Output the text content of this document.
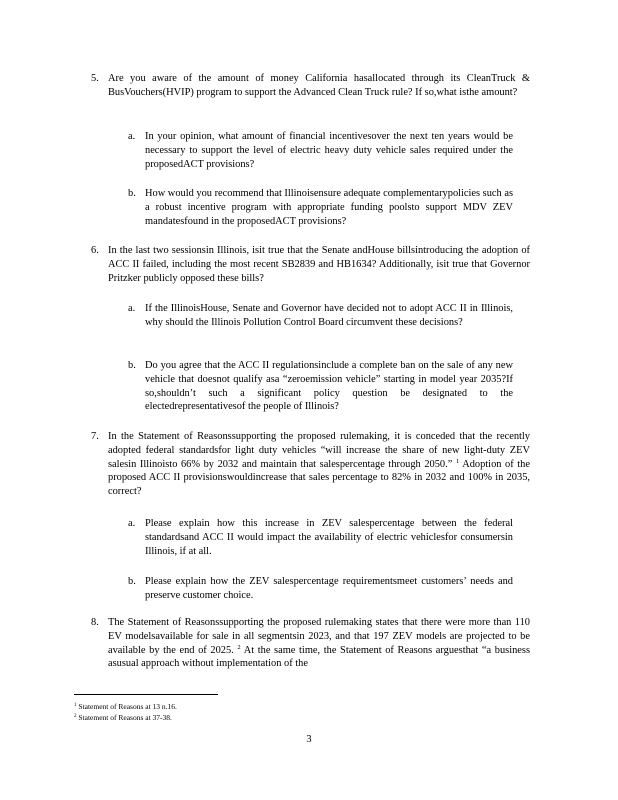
5. Are you aware of the amount of money California hasallocated through its CleanTruck & BusVouchers(HVIP) program to support the Advanced Clean Truck rule? If so,what isthe amount?
a. In your opinion, what amount of financial incentivesover the next ten years would be necessary to support the level of electric heavy duty vehicle sales required under the proposedACT provisions?
b. How would you recommend that Illinoisensure adequate complementarypolicies such as a robust incentive program with appropriate funding poolsto support MDV ZEV mandatesfound in the proposedACT provisions?
6. In the last two sessionsin Illinois, isit true that the Senate andHouse billsintroducing the adoption of ACC II failed, including the most recent SB2839 and HB1634? Additionally, isit true that Governor Pritzker publicly opposed these bills?
a. If the IllinoisHouse, Senate and Governor have decided not to adopt ACC II in Illinois, why should the Illinois Pollution Control Board circumvent these decisions?
b. Do you agree that the ACC II regulationsinclude a complete ban on the sale of any new vehicle that doesnot qualify asa “zeroemission vehicle” starting in model year 2035?If so,shouldn’t such a significant policy question be designated to the electedrepresentativesof the people of Illinois?
7. In the Statement of Reasonssupporting the proposed rulemaking, it is conceded that the recently adopted federal standardsfor light duty vehicles “will increase the share of new light-duty ZEV salesin Illinoisto 66% by 2032 and maintain that salespercentage through 2050.” $^1$ Adoption of the proposed ACC II provisionswouldincrease that sales percentage to 82% in 2032 and 100% in 2035, correct?
a. Please explain how this increase in ZEV salespercentage between the federal standardsand ACC II would impact the availability of electric vehiclesfor consumersin Illinois, if at all.
b. Please explain how the ZEV salespercentage requirementsmeet customers’ needs and preserve customer choice.
8. The Statement of Reasonssupporting the proposed rulemaking states that there were more than 110 EV modelsavailable for sale in all segmentsin 2023, and that 197 ZEV models are projected to be available by the end of 2025. $^2$ At the same time, the Statement of Reasons arguesthat “a business asusual approach without implementation of the
$^1$ Statement of Reasons at 13 n.16.
$^2$ Statement of Reasons at 37-38.
3
